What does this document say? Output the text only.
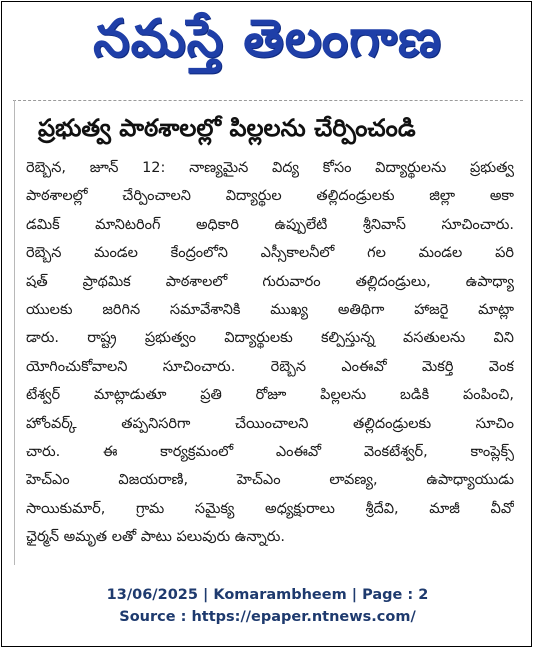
నమస్తే తెలంగాణ
ప్రభుత్వ పాఠశాలల్లో పిల్లలను చేర్పించండి
రెబ్బెన, జూన్ 12: నాణ్యమైన విద్య కోసం విద్యార్థులను ప్రభుత్వ
పాఠశాలల్లో చేర్పించాలని విద్యార్థుల తల్లిదండ్రులకు జిల్లా అకా
డమిక్ మానిటరింగ్ అధికారి ఉప్పులేటి శ్రీనివాస్ సూచించారు.
రెబ్బెన మండల కేంద్రంలోని ఎస్సీకాలనీలో గల మండల పరి
షత్ ప్రాథమిక పాఠశాలలో గురువారం తల్లిదండ్రులు, ఉపాధ్యా
యులకు జరిగిన సమావేశానికి ముఖ్య అతిథిగా హాజరై మాట్లా
డారు. రాష్ట్ర ప్రభుత్వం విద్యార్థులకు కల్పిస్తున్న వసతులను విని
యోగించుకోవాలని సూచించారు. రెబ్బెన ఎంఈవో మెకర్తి వెంక
టేశ్వర్ మాట్లాడుతూ ప్రతి రోజూ పిల్లలను బడికి పంపించి,
హోంవర్క్ తప్పనిసరిగా చేయించాలని తల్లిదండ్రులకు సూచిం
చారు. ఈ కార్యక్రమంలో ఎంఈవో వెంకటేశ్వర్, కాంప్లెక్స్
హెచ్ఎం విజయరాణి, హెచ్ఎం లావణ్య, ఉపాధ్యాయుడు
సాయికుమార్, గ్రామ సమైక్య అధ్యక్షురాలు శ్రీదేవి, మాజీ వీవో
ఛైర్మన్ అమృత లతో పాటు పలువురు ఉన్నారు.
13/06/2025 | Komarambheem | Page : 2
Source : https://epaper.ntnews.com/
